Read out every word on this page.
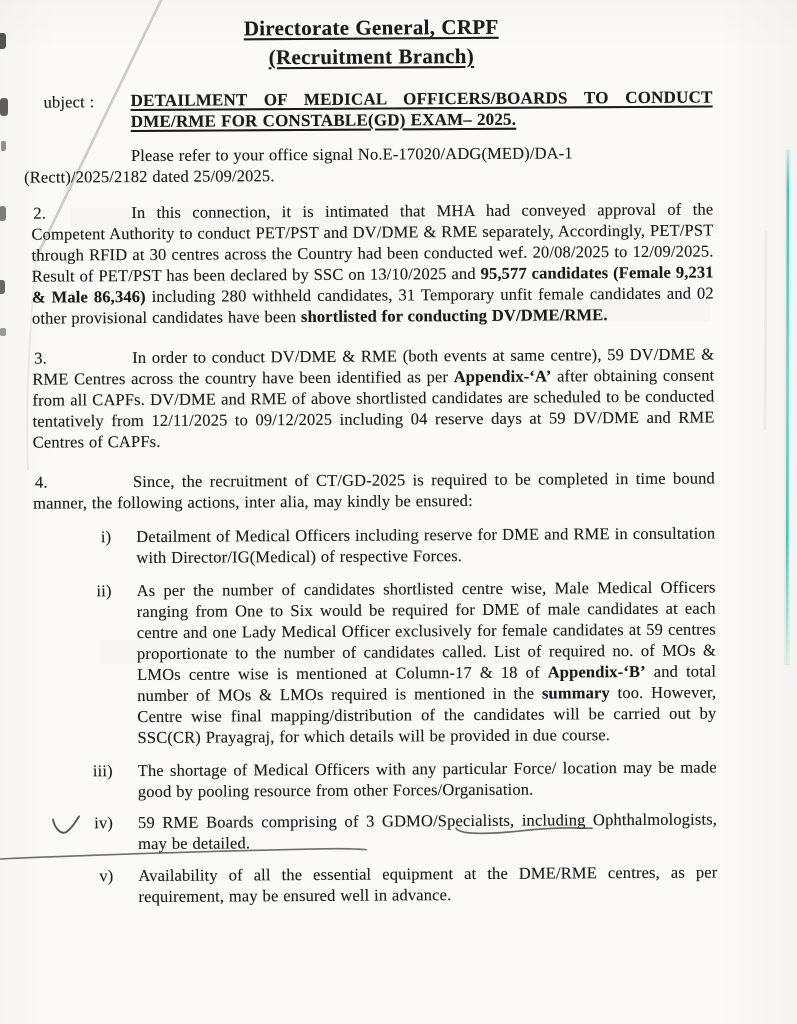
Directorate General, CRPF
(Recruitment Branch)
ubject : DETAILMENT OF MEDICAL OFFICERS/BOARDS TO CONDUCT DME/RME FOR CONSTABLE(GD) EXAM– 2025.
Please refer to your office signal No.E-17020/ADG(MED)/DA-1
(Rectt)/2025/2182 dated 25/09/2025.
2.	In this connection, it is intimated that MHA had conveyed approval of the Competent Authority to conduct PET/PST and DV/DME & RME separately, Accordingly, PET/PST through RFID at 30 centres across the Country had been conducted wef. 20/08/2025 to 12/09/2025. Result of PET/PST has been declared by SSC on 13/10/2025 and 95,577 candidates (Female 9,231 & Male 86,346) including 280 withheld candidates, 31 Temporary unfit female candidates and 02 other provisional candidates have been shortlisted for conducting DV/DME/RME.
3.	In order to conduct DV/DME & RME (both events at same centre), 59 DV/DME & RME Centres across the country have been identified as per Appendix-‘A’ after obtaining consent from all CAPFs. DV/DME and RME of above shortlisted candidates are scheduled to be conducted tentatively from 12/11/2025 to 09/12/2025 including 04 reserve days at 59 DV/DME and RME Centres of CAPFs.
4.	Since, the recruitment of CT/GD-2025 is required to be completed in time bound manner, the following actions, inter alia, may kindly be ensured:
i) Detailment of Medical Officers including reserve for DME and RME in consultation with Director/IG(Medical) of respective Forces.
ii) As per the number of candidates shortlisted centre wise, Male Medical Officers ranging from One to Six would be required for DME of male candidates at each centre and one Lady Medical Officer exclusively for female candidates at 59 centres proportionate to the number of candidates called. List of required no. of MOs & LMOs centre wise is mentioned at Column-17 & 18 of Appendix-‘B’ and total number of MOs & LMOs required is mentioned in the summary too. However, Centre wise final mapping/distribution of the candidates will be carried out by SSC(CR) Prayagraj, for which details will be provided in due course.
iii) The shortage of Medical Officers with any particular Force/ location may be made good by pooling resource from other Forces/Organisation.
iv) 59 RME Boards comprising of 3 GDMO/Specialists, including Ophthalmologists, may be detailed.
v) Availability of all the essential equipment at the DME/RME centres, as per requirement, may be ensured well in advance.
